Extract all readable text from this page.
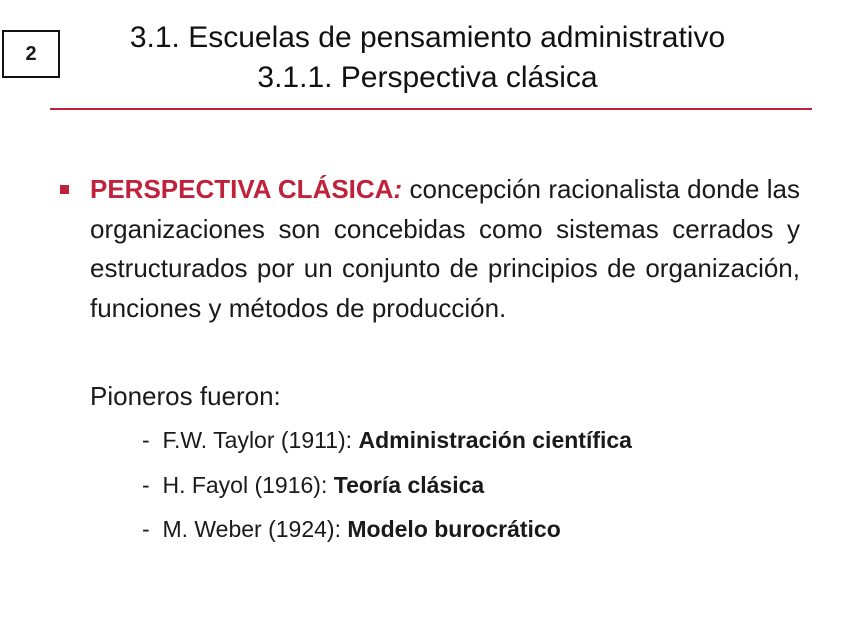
2	3.1. Escuelas de pensamiento administrativo
3.1.1. Perspectiva clásica
PERSPECTIVA CLÁSICA: concepción racionalista donde las organizaciones son concebidas como sistemas cerrados y estructurados por un conjunto de principios de organización, funciones y métodos de producción.
Pioneros fueron:
- F.W. Taylor (1911): Administración científica
- H. Fayol (1916): Teoría clásica
- M. Weber (1924): Modelo burocrático
